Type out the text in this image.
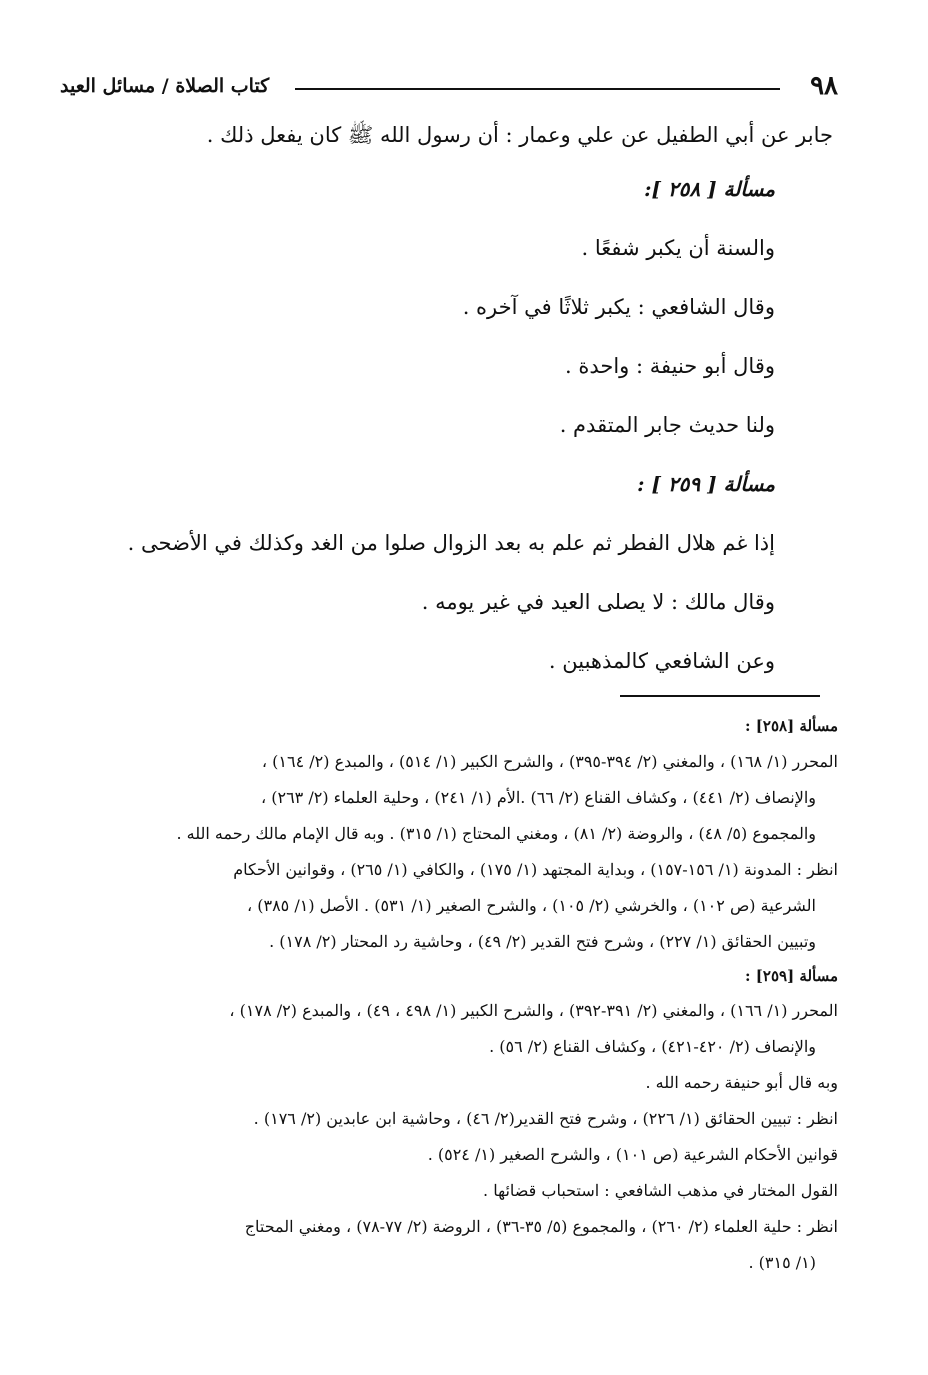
٩٨
كتاب الصلاة / مسائل العيد
جابر عن أبي الطفيل عن علي وعمار : أن رسول الله ﷺ كان يفعل ذلك .
مسألة [ ٢٥٨ ]:
والسنة أن يكبر شفعًا .
وقال الشافعي : يكبر ثلاثًا في آخره .
وقال أبو حنيفة : واحدة .
ولنا حديث جابر المتقدم .
مسألة [ ٢٥٩ ] :
إذا غم هلال الفطر ثم علم به بعد الزوال صلوا من الغد وكذلك في الأضحى .
وقال مالك : لا يصلى العيد في غير يومه .
وعن الشافعي كالمذهبين .
مسألة [٢٥٨] :
المحرر (١/ ١٦٨) ، والمغني (٢/ ٣٩٤-٣٩٥) ، والشرح الكبير (١/ ٥١٤) ، والمبدع (٢/ ١٦٤) ،
والإنصاف (٢/ ٤٤١) ، وكشاف القناع (٢/ ٦٦) .الأم (١/ ٢٤١) ، وحلية العلماء (٢/ ٢٦٣) ،
والمجموع (٥/ ٤٨) ، والروضة (٢/ ٨١) ، ومغني المحتاج (١/ ٣١٥) . وبه قال الإمام مالك رحمه الله .
انظر : المدونة (١/ ١٥٦-١٥٧) ، وبداية المجتهد (١/ ١٧٥) ، والكافي (١/ ٢٦٥) ، وقوانين الأحكام
الشرعية (ص ١٠٢) ، والخرشي (٢/ ١٠٥) ، والشرح الصغير (١/ ٥٣١) . الأصل (١/ ٣٨٥) ،
وتبيين الحقائق (١/ ٢٢٧) ، وشرح فتح القدير (٢/ ٤٩) ، وحاشية رد المحتار (٢/ ١٧٨) .
مسألة [٢٥٩] :
المحرر (١/ ١٦٦) ، والمغني (٢/ ٣٩١-٣٩٢) ، والشرح الكبير (١/ ٤٩٨ ، ٤٩) ، والمبدع (٢/ ١٧٨) ،
والإنصاف (٢/ ٤٢٠-٤٢١) ، وكشاف القناع (٢/ ٥٦) .
وبه قال أبو حنيفة رحمه الله .
انظر : تبيين الحقائق (١/ ٢٢٦) ، وشرح فتح القدير(٢/ ٤٦) ، وحاشية ابن عابدين (٢/ ١٧٦) .
قوانين الأحكام الشرعية (ص ١٠١) ، والشرح الصغير (١/ ٥٢٤) .
القول المختار في مذهب الشافعي : استحباب قضائها .
انظر : حلية العلماء (٢/ ٢٦٠) ، والمجموع (٥/ ٣٥-٣٦) ، الروضة (٢/ ٧٧-٧٨) ، ومغني المحتاج
(١/ ٣١٥) .
